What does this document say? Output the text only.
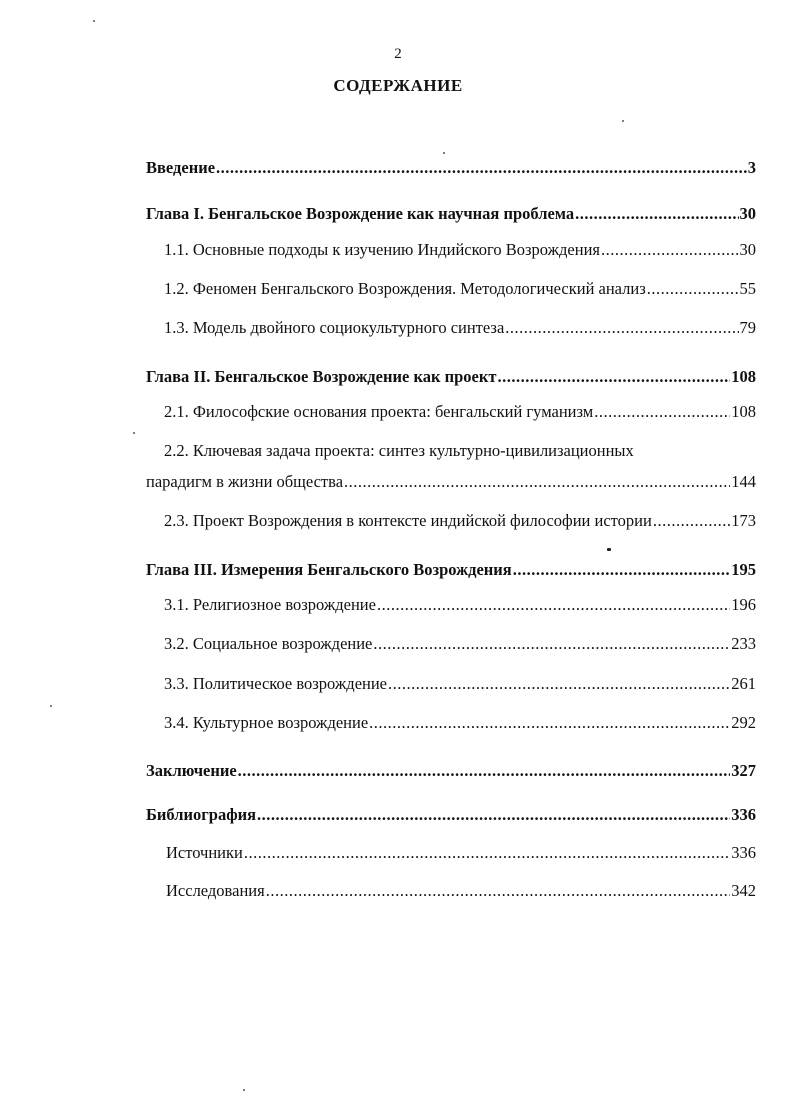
2
СОДЕРЖАНИЕ
Введение .....	3
Глава I. Бенгальское Возрождение как научная проблема .....	30
1.1. Основные подходы к изучению Индийского Возрождения .....	30
1.2. Феномен Бенгальского Возрождения. Методологический анализ .....	55
1.3. Модель двойного социокультурного синтеза .....	79
Глава II. Бенгальское Возрождение как проект .....	108
2.1. Философские основания проекта: бенгальский гуманизм .....	108
2.2. Ключевая задача проекта: синтез культурно-цивилизационных
парадигм в жизни общества .....	144
2.3. Проект Возрождения в контексте индийской философии истории .....	173
Глава III. Измерения Бенгальского Возрождения .....	195
3.1. Религиозное возрождение .....	196
3.2. Социальное возрождение .....	233
3.3. Политическое возрождение .....	261
3.4. Культурное возрождение .....	292
Заключение .....	327
Библиография .....	336
Источники .....	336
Исследования .....	342
